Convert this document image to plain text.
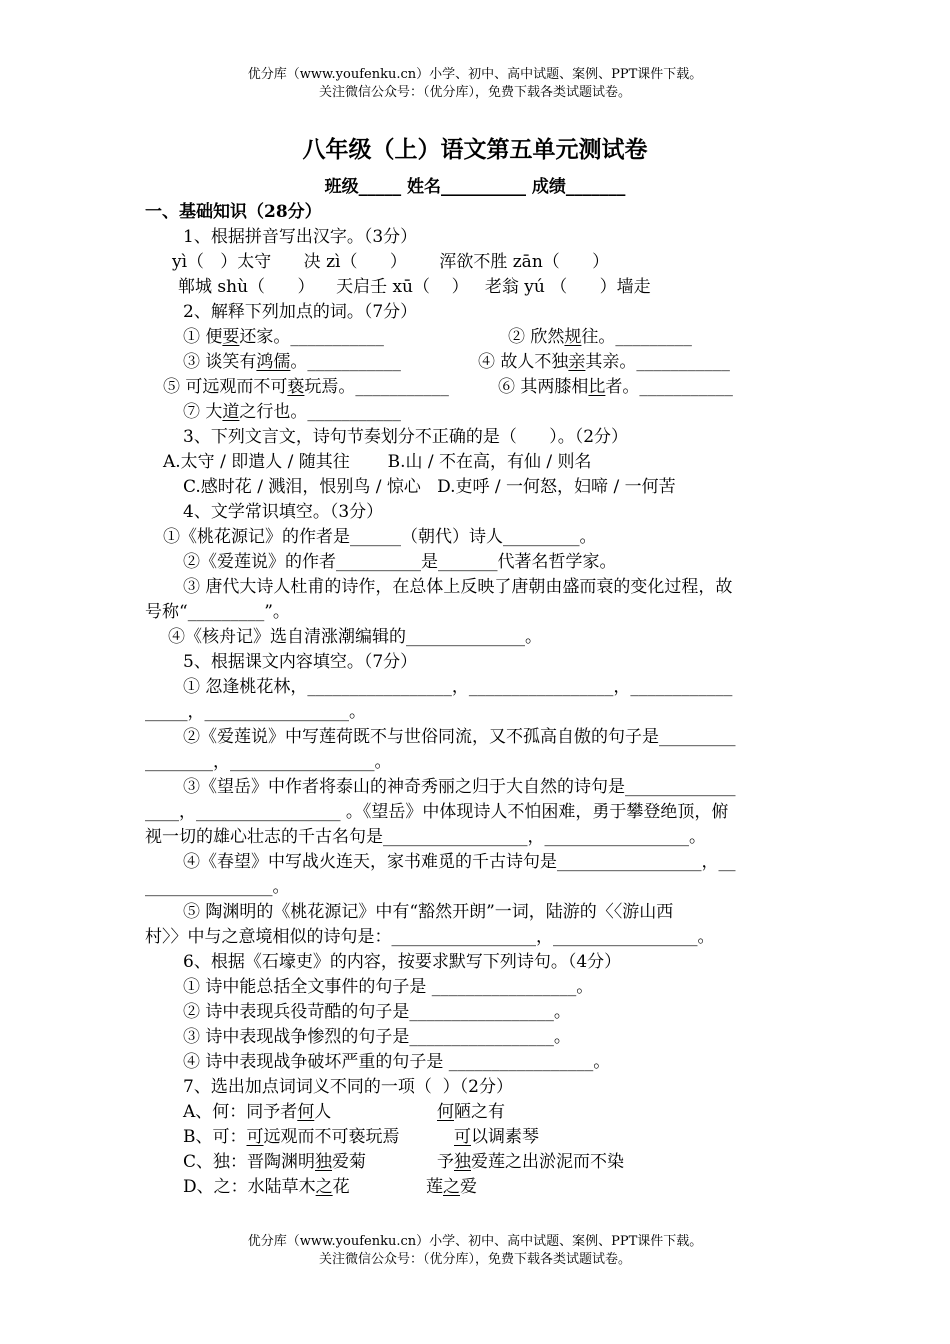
优分库（www.youfenku.cn）小学、初中、高中试题、案例、PPT课件下载。
关注微信公众号：（优分库），免费下载各类试题试卷。
八年级（上）语文第五单元测试卷
班级_____ 姓名__________ 成绩_______
一、基础知识（28分）
1、根据拼音写出汉字。（3分）
yì（   ）太守      决 zì（      ）      浑欲不胜 zān（      ）
郸城 shù（      ）    天启壬 xū（    ）   老翁 yú （      ）墙走
2、解释下列加点的词。（7分）
① 便要还家。___________	② 欣然规往。_________
③ 谈笑有鸿儒。___________	④ 故人不独亲其亲。___________
⑤ 可远观而不可亵玩焉。___________	⑥ 其两膝相比者。___________
⑦ 大道之行也。___________
3、下列文言文，诗句节奏划分不正确的是（      ）。（2分）
A.太守 / 即遣人 / 随其往       B.山 / 不在高，有仙 / 则名
C.感时花 / 溅泪，恨别鸟 / 惊心   D.吏呼 / 一何怒，妇啼 / 一何苦
4、文学常识填空。（3分）
①《桃花源记》的作者是______（朝代）诗人_________。
②《爱莲说》的作者__________是_______代著名哲学家。
③ 唐代大诗人杜甫的诗作，在总体上反映了唐朝由盛而衰的变化过程，故
号称“_________”。
④《核舟记》选自清涨潮编辑的______________。
5、根据课文内容填空。（7分）
① 忽逢桃花林，_________________，_________________，____________
_____，_________________。
②《爱莲说》中写莲荷既不与世俗同流，又不孤高自傲的句子是_________
________，_________________。
③《望岳》中作者将泰山的神奇秀丽之归于大自然的诗句是_____________
____，_________________ 。《望岳》中体现诗人不怕困难，勇于攀登绝顶，俯
视一切的雄心壮志的千古名句是_________________，_________________。
④《春望》中写战火连天，家书难觅的千古诗句是_________________，__
_______________。
⑤ 陶渊明的《桃花源记》中有“豁然开朗”一词，陆游的〈〈游山西
村〉〉中与之意境相似的诗句是：_________________，_________________。
6、根据《石壕吏》的内容，按要求默写下列诗句。（4分）
① 诗中能总括全文事件的句子是 _________________。
② 诗中表现兵役苛酷的句子是_________________。
③ 诗中表现战争惨烈的句子是_________________。
④ 诗中表现战争破坏严重的句子是 _________________。
7、选出加点词词义不同的一项（  ）（2分）
A、何：同予者何人	何陋之有
B、可：可远观而不可亵玩焉	可以调素琴
C、独：晋陶渊明独爱菊	予独爱莲之出淤泥而不染
D、之：水陆草木之花	莲之爱
优分库（www.youfenku.cn）小学、初中、高中试题、案例、PPT课件下载。
关注微信公众号：（优分库），免费下载各类试题试卷。
